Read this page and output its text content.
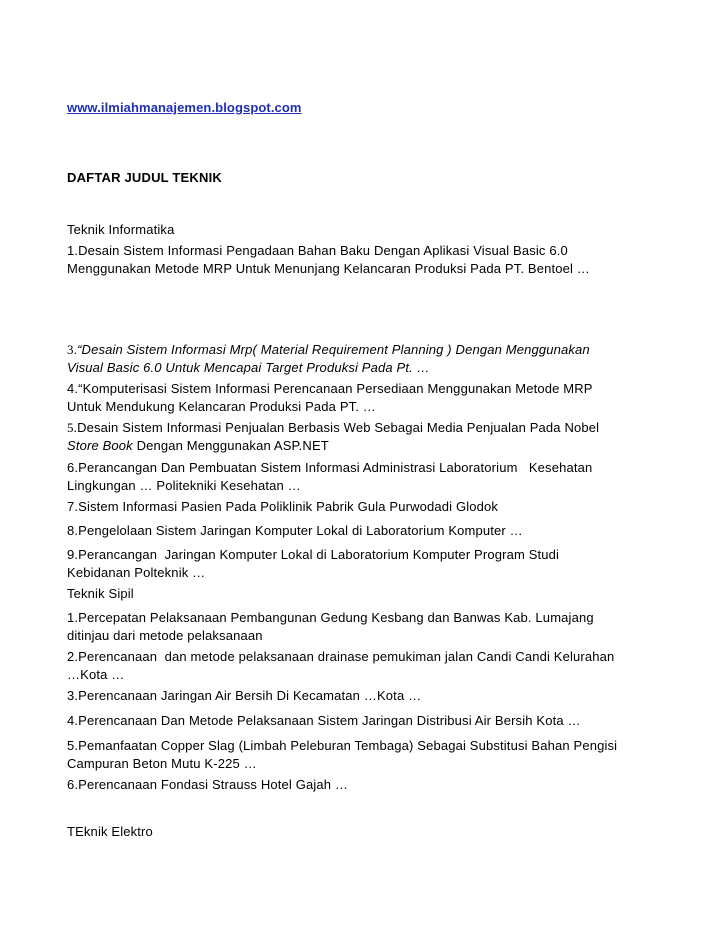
www.ilmiahmanajemen.blogspot.com
DAFTAR JUDUL TEKNIK
Teknik Informatika
1.Desain Sistem Informasi Pengadaan Bahan Baku Dengan Aplikasi Visual Basic 6.0
Menggunakan Metode MRP Untuk Menunjang Kelancaran Produksi Pada PT. Bentoel …
3.“Desain Sistem Informasi Mrp( Material Requirement Planning ) Dengan Menggunakan
Visual Basic 6.0 Untuk Mencapai Target Produksi Pada Pt. …
4.“Komputerisasi Sistem Informasi Perencanaan Persediaan Menggunakan Metode MRP
Untuk Mendukung Kelancaran Produksi Pada PT. …
5.Desain Sistem Informasi Penjualan Berbasis Web Sebagai Media Penjualan Pada Nobel
Store Book Dengan Menggunakan ASP.NET
6.Perancangan Dan Pembuatan Sistem Informasi Administrasi Laboratorium   Kesehatan
Lingkungan … Politekniki Kesehatan …
7.Sistem Informasi Pasien Pada Poliklinik Pabrik Gula Purwodadi Glodok
8.Pengelolaan Sistem Jaringan Komputer Lokal di Laboratorium Komputer …
9.Perancangan  Jaringan Komputer Lokal di Laboratorium Komputer Program Studi
Kebidanan Polteknik …
Teknik Sipil
1.Percepatan Pelaksanaan Pembangunan Gedung Kesbang dan Banwas Kab. Lumajang
ditinjau dari metode pelaksanaan
2.Perencanaan  dan metode pelaksanaan drainase pemukiman jalan Candi Candi Kelurahan
…Kota …
3.Perencanaan Jaringan Air Bersih Di Kecamatan …Kota …
4.Perencanaan Dan Metode Pelaksanaan Sistem Jaringan Distribusi Air Bersih Kota …
5.Pemanfaatan Copper Slag (Limbah Peleburan Tembaga) Sebagai Substitusi Bahan Pengisi
Campuran Beton Mutu K-225 …
6.Perencanaan Fondasi Strauss Hotel Gajah …
TEknik Elektro
